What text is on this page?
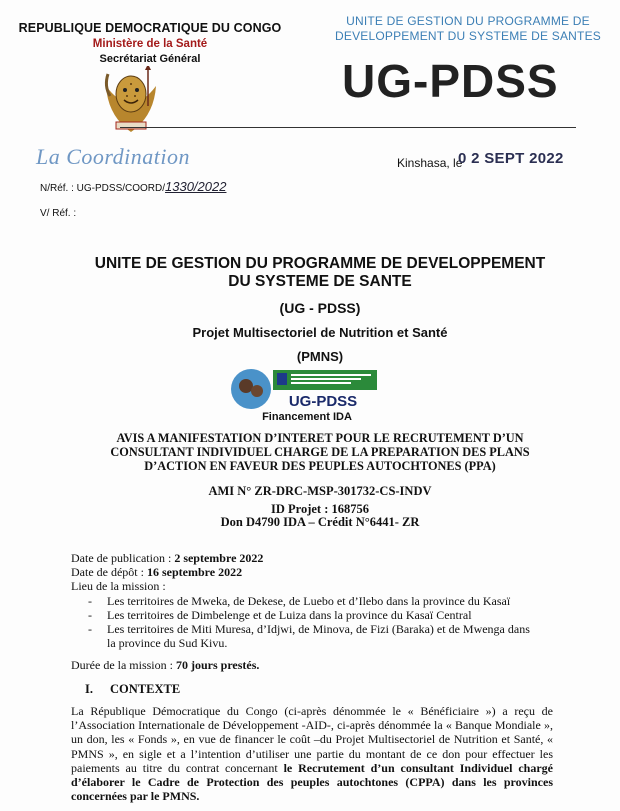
REPUBLIQUE DEMOCRATIQUE DU CONGO
Ministère de la Santé
Secrétariat Général
UNITE DE GESTION DU PROGRAMME DE
DEVELOPPEMENT DU SYSTEME DE SANTES
UG-PDSS
La Coordination
N/Réf. : UG-PDSS/COORD/1330/2022
V/ Réf. :
Kinshasa, le
0 2 SEPT 2022
UNITE DE GESTION DU PROGRAMME DE DEVELOPPEMENT
DU SYSTEME DE SANTE
(UG - PDSS)
Projet Multisectoriel de Nutrition et Santé
(PMNS)
UG-PDSS
Financement IDA
AVIS A MANIFESTATION D’INTERET POUR LE RECRUTEMENT D’UN
CONSULTANT INDIVIDUEL CHARGE DE LA PREPARATION DES PLANS
D’ACTION EN FAVEUR DES PEUPLES AUTOCHTONES (PPA)
AMI N° ZR-DRC-MSP-301732-CS-INDV
ID Projet : 168756
Don D4790 IDA – Crédit N°6441- ZR
Date de publication : 2 septembre 2022
Date de dépôt : 16 septembre 2022
Lieu de la mission :
- Les territoires de Mweka, de Dekese, de Luebo et d’Ilebo dans la province du Kasaï
- Les territoires de Dimbelenge et de Luiza dans la province du Kasaï Central
- Les territoires de Miti Muresa, d’Idjwi, de Minova, de Fizi (Baraka) et de Mwenga dans
la province du Sud Kivu.
Durée de la mission : 70 jours prestés.
I. CONTEXTE
La République Démocratique du Congo (ci-après dénommée le « Bénéficiaire ») a reçu de l’Association Internationale de Développement -AID-, ci-après dénommée la « Banque Mondiale », un don, les « Fonds », en vue de financer le coût –du Projet Multisectoriel de Nutrition et Santé, « PMNS », en sigle et a l’intention d’utiliser une partie du montant de ce don pour effectuer les paiements au titre du contrat concernant le Recrutement d’un consultant Individuel chargé d’élaborer le Cadre de Protection des peuples autochtones (CPPA) dans les provinces concernées par le PMNS.
